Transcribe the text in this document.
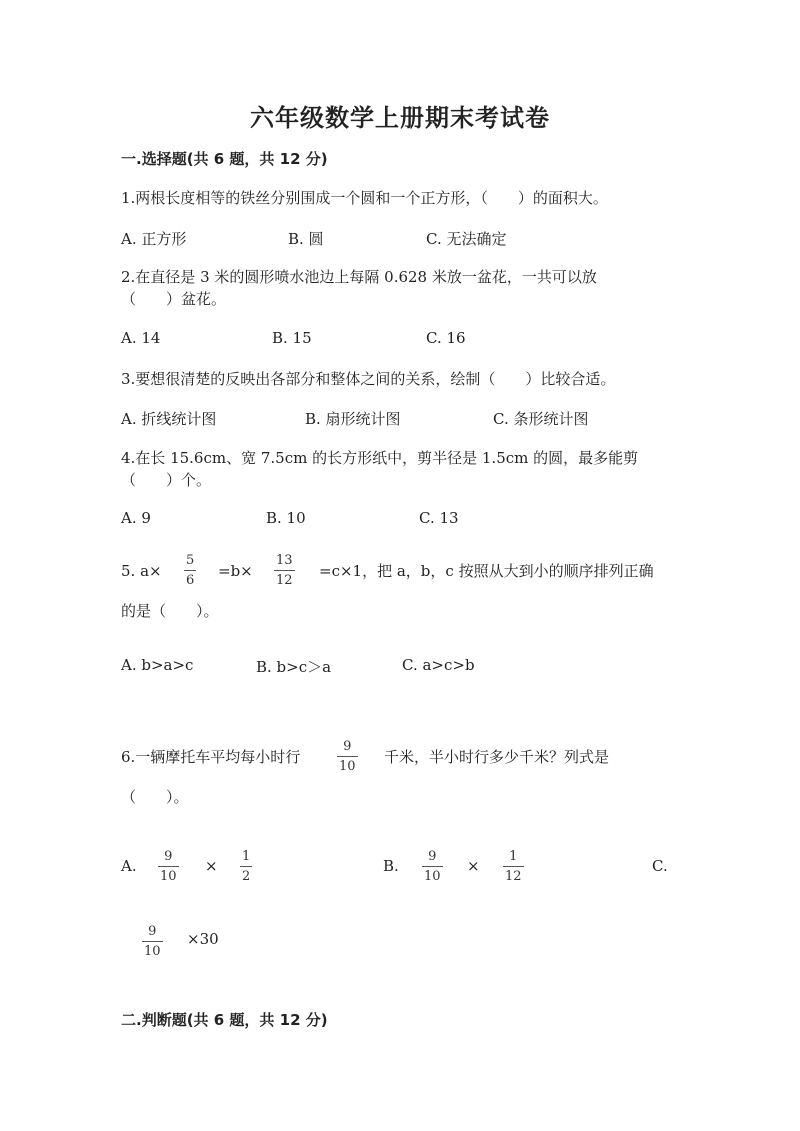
六年级数学上册期末考试卷
一.选择题(共 6 题，共 12 分)
1.两根长度相等的铁丝分别围成一个圆和一个正方形，（　　）的面积大。
A. 正方形	B. 圆	C. 无法确定
2.在直径是 3 米的圆形喷水池边上每隔 0.628 米放一盆花，一共可以放
（　　）盆花。
A. 14	B. 15	C. 16
3.要想很清楚的反映出各部分和整体之间的关系，绘制（　　）比较合适。
A. 折线统计图	B. 扇形统计图	C. 条形统计图
4.在长 15.6cm、宽 7.5cm 的长方形纸中，剪半径是 1.5cm 的圆，最多能剪
（　　）个。
A. 9	B. 10	C. 13
5. a×
5
6
=b×
13
12
=c×1，把 a，b，c 按照从大到小的顺序排列正确
的是（　　）。
A. b>a>c	B. b>c＞a	C. a>c>b
6.一辆摩托车平均每小时行
9
10
千米，半小时行多少千米？列式是
（　　）。
A.
9
10
×
1
2
B.
9
10
×
1
12
C.
9
10
×30
二.判断题(共 6 题，共 12 分)
